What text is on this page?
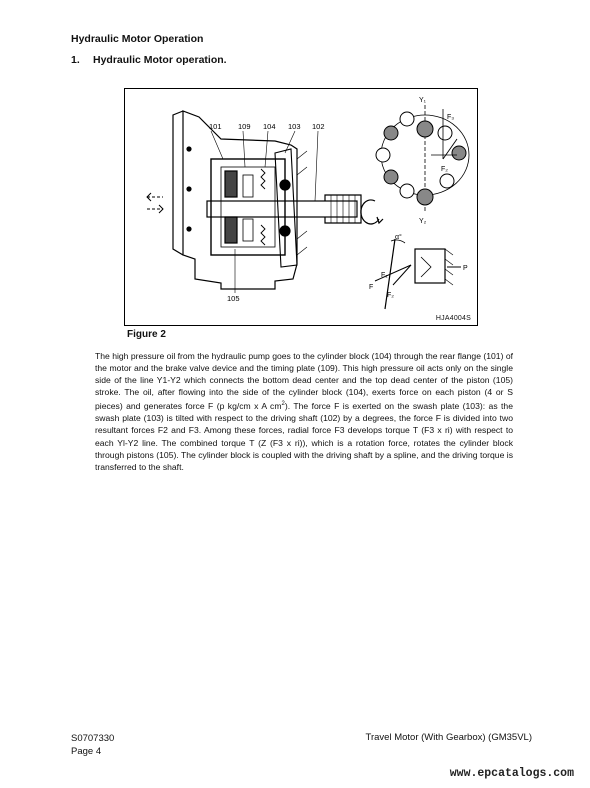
Hydraulic Motor Operation
1. Hydraulic Motor operation.
101 109 104 103 102
105
Y₁
Y₂
F₃
F₂
α°
F₁
F
F₂
P
HJA4004S

Figure 2

The high pressure oil from the hydraulic pump goes to the cylinder block (104) through the rear flange (101) of the motor and the brake valve device and the timing plate (109). This high pressure oil acts only on the single side of the line Y1-Y2 which connects the bottom dead center and the top dead center of the piston (105) stroke. The oil, after flowing into the side of the cylinder block (104), exerts force on each piston (4 or S pieces) and generates force F (p kg/cm x A $cm^2$). The force F is exerted on the swash plate (103): as the swash plate (103) is tilted with respect to the driving shaft (102) by a degrees, the force F is divided into two resultant forces F2 and F3. Among these forces, radial force F3 develops torque T (F3 x ri) with respect to each Yl-Y2 line. The combined torque T (Z (F3 x ri)), which is a rotation force, rotates the cylinder block through pistons (105). The cylinder block is coupled with the driving shaft by a spline, and the driving torque is transferred to the shaft.

S0707330
Page 4
Travel Motor (With Gearbox) (GM35VL)
www.epcatalogs.com
